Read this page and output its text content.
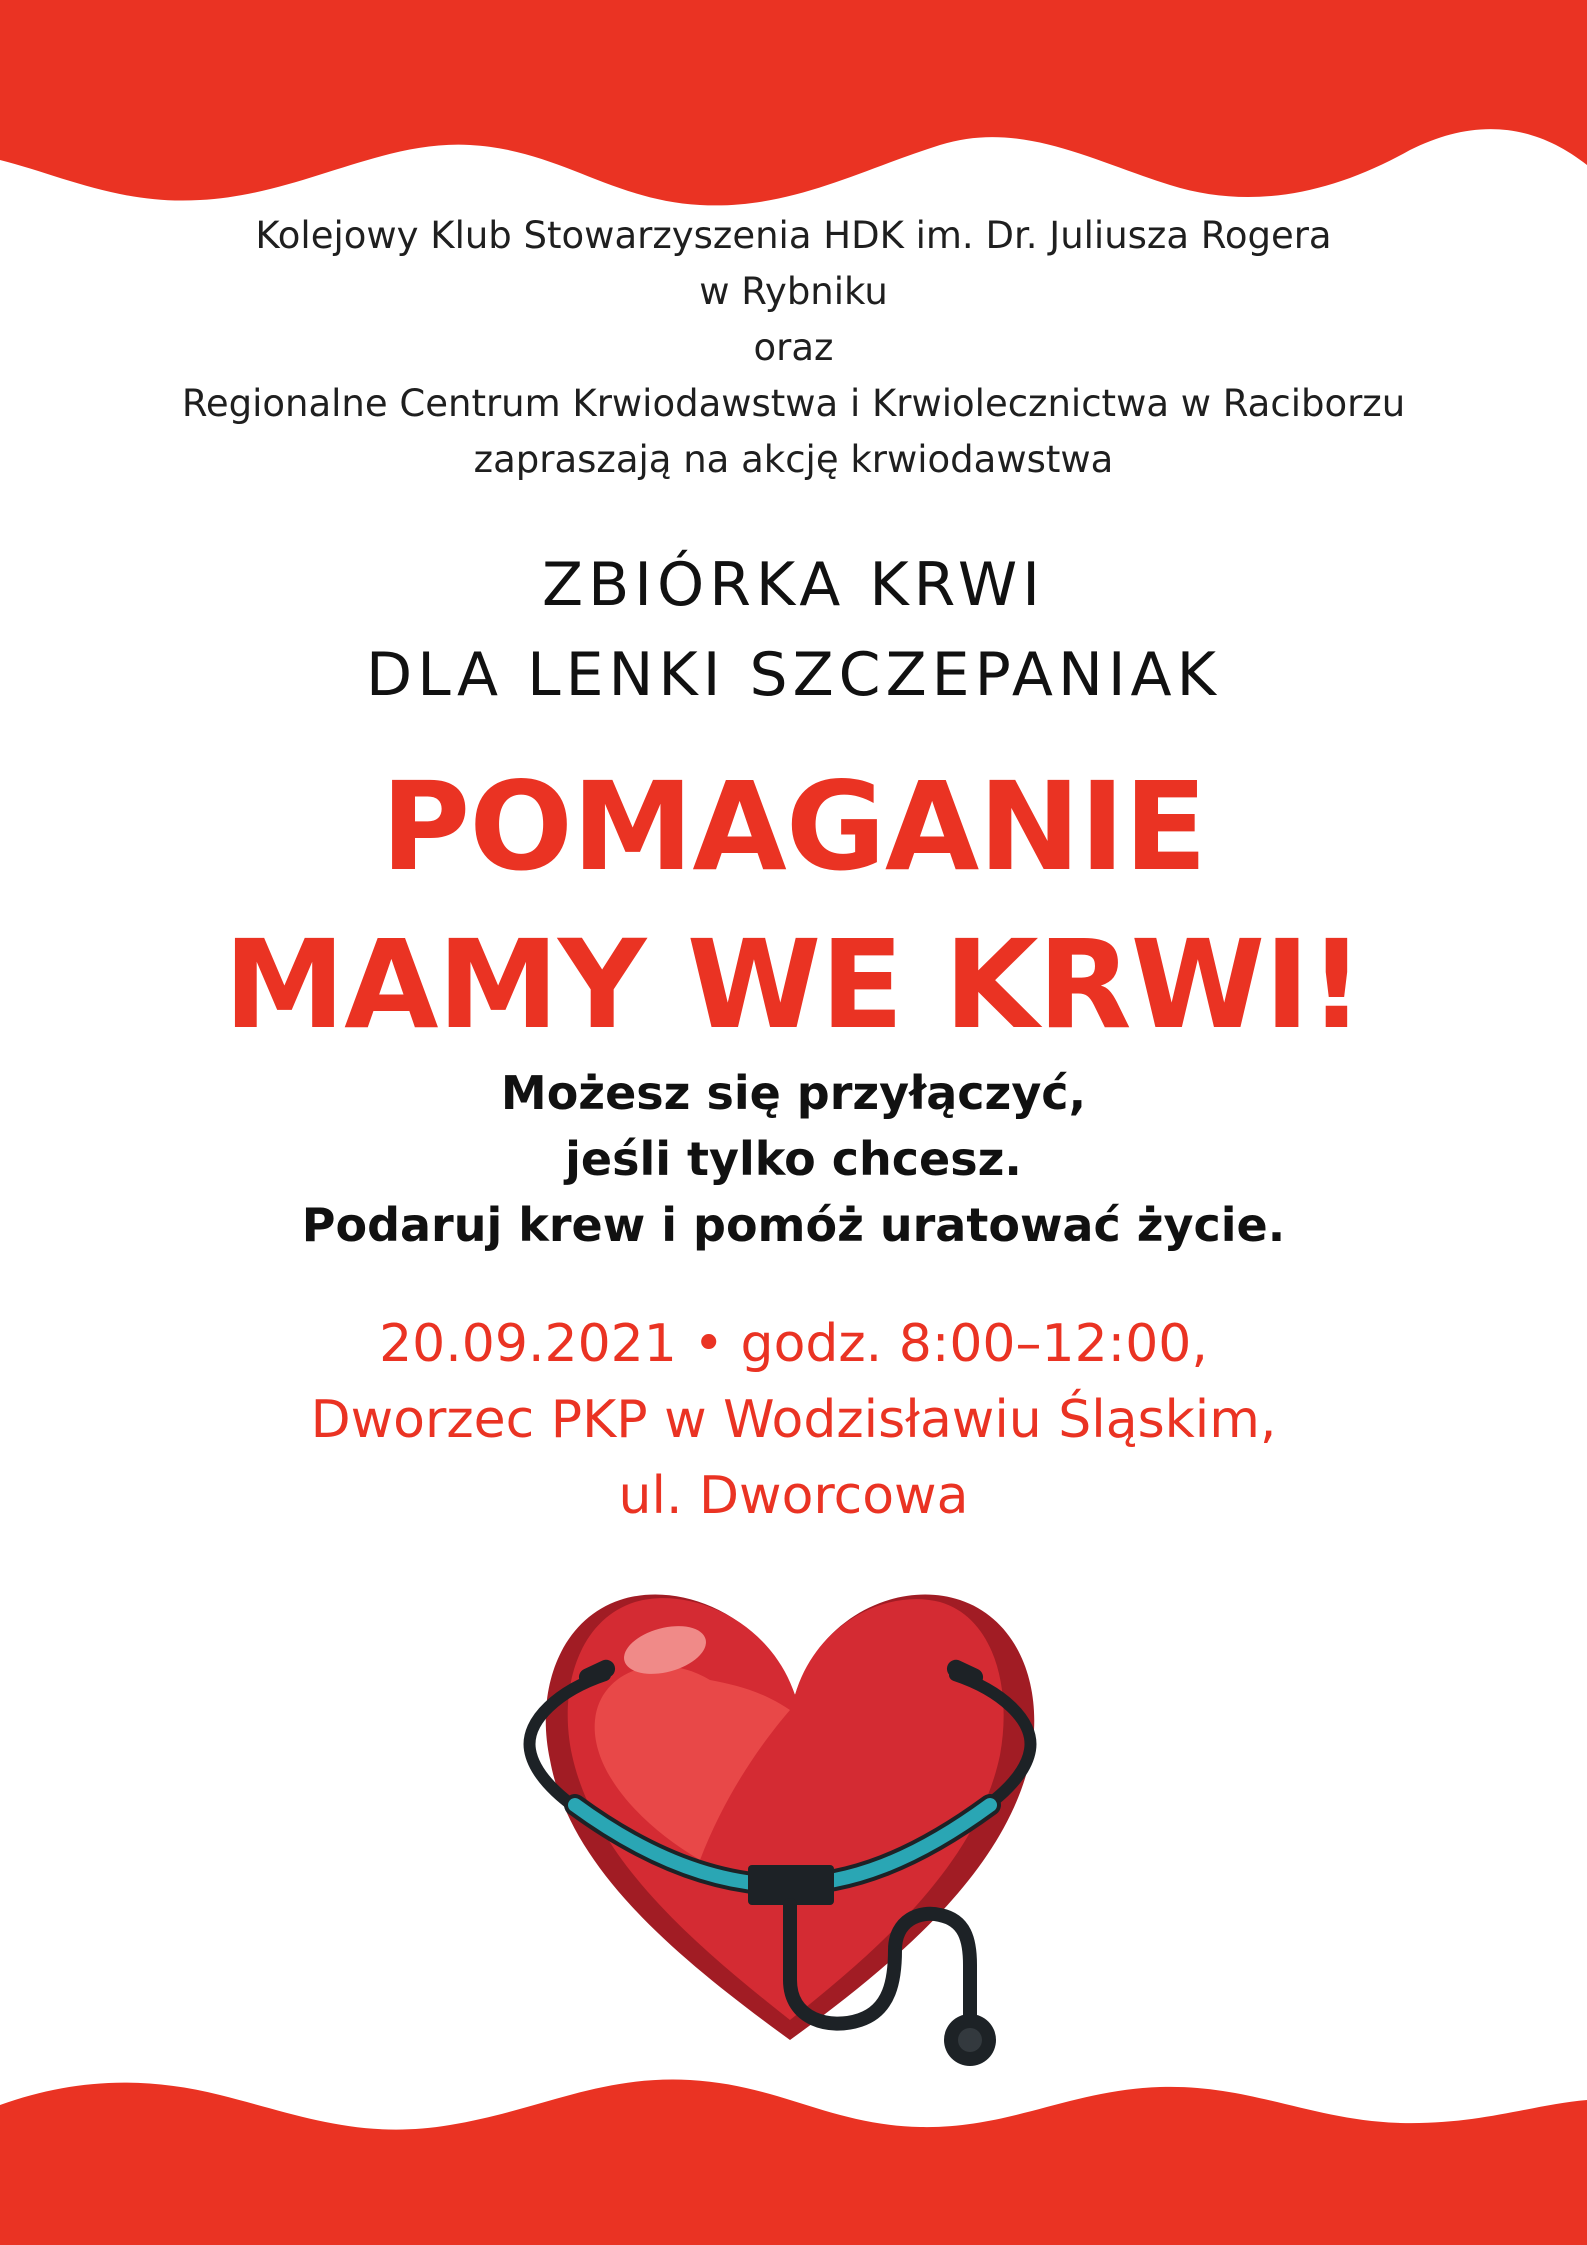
Kolejowy Klub Stowarzyszenia HDK im. Dr. Juliusza Rogera
w Rybniku
oraz
Regionalne Centrum Krwiodawstwa i Krwiolecznictwa w Raciborzu
zapraszają na akcję krwiodawstwa
ZBIÓRKA KRWI
DLA LENKI SZCZEPANIAK
POMAGANIE
MAMY WE KRWI!
Możesz się przyłączyć,
jeśli tylko chcesz.
Podaruj krew i pomóż uratować życie.
20.09.2021 • godz. 8:00–12:00,
Dworzec PKP w Wodzisławiu Śląskim,
ul. Dworcowa
